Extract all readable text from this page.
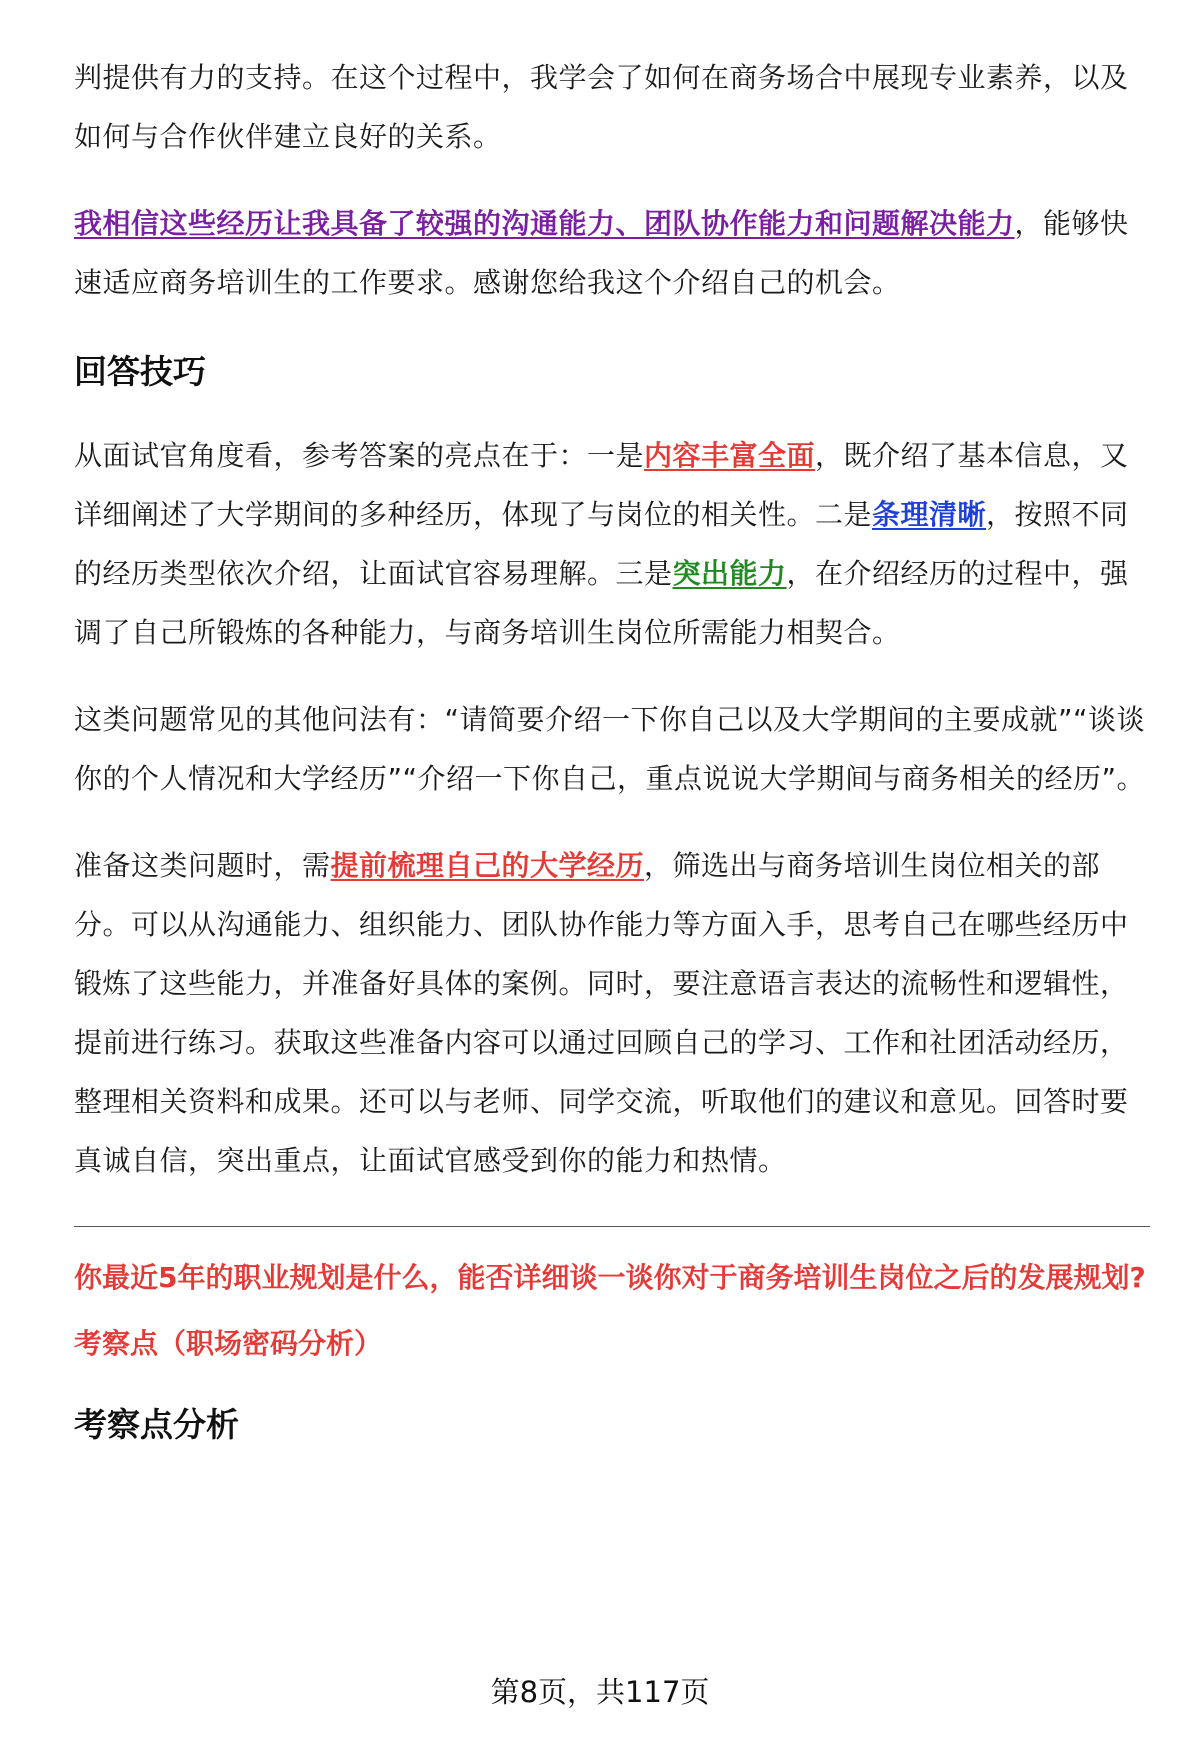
判提供有力的支持。在这个过程中，我学会了如何在商务场合中展现专业素养，以及如何与合作伙伴建立良好的关系。

我相信这些经历让我具备了较强的沟通能力、团队协作能力和问题解决能力，能够快速适应商务培训生的工作要求。感谢您给我这个介绍自己的机会。

回答技巧

从面试官角度看，参考答案的亮点在于：一是内容丰富全面，既介绍了基本信息，又详细阐述了大学期间的多种经历，体现了与岗位的相关性。二是条理清晰，按照不同的经历类型依次介绍，让面试官容易理解。三是突出能力，在介绍经历的过程中，强调了自己所锻炼的各种能力，与商务培训生岗位所需能力相契合。

这类问题常见的其他问法有：“请简要介绍一下你自己以及大学期间的主要成就”“谈谈你的个人情况和大学经历”“介绍一下你自己，重点说说大学期间与商务相关的经历”。

准备这类问题时，需提前梳理自己的大学经历，筛选出与商务培训生岗位相关的部分。可以从沟通能力、组织能力、团队协作能力等方面入手，思考自己在哪些经历中锻炼了这些能力，并准备好具体的案例。同时，要注意语言表达的流畅性和逻辑性，提前进行练习。获取这些准备内容可以通过回顾自己的学习、工作和社团活动经历，整理相关资料和成果。还可以与老师、同学交流，听取他们的建议和意见。回答时要真诚自信，突出重点，让面试官感受到你的能力和热情。

你最近5年的职业规划是什么，能否详细谈一谈你对于商务培训生岗位之后的发展规划?
考察点（职场密码分析）
考察点分析
第8页，共117页
